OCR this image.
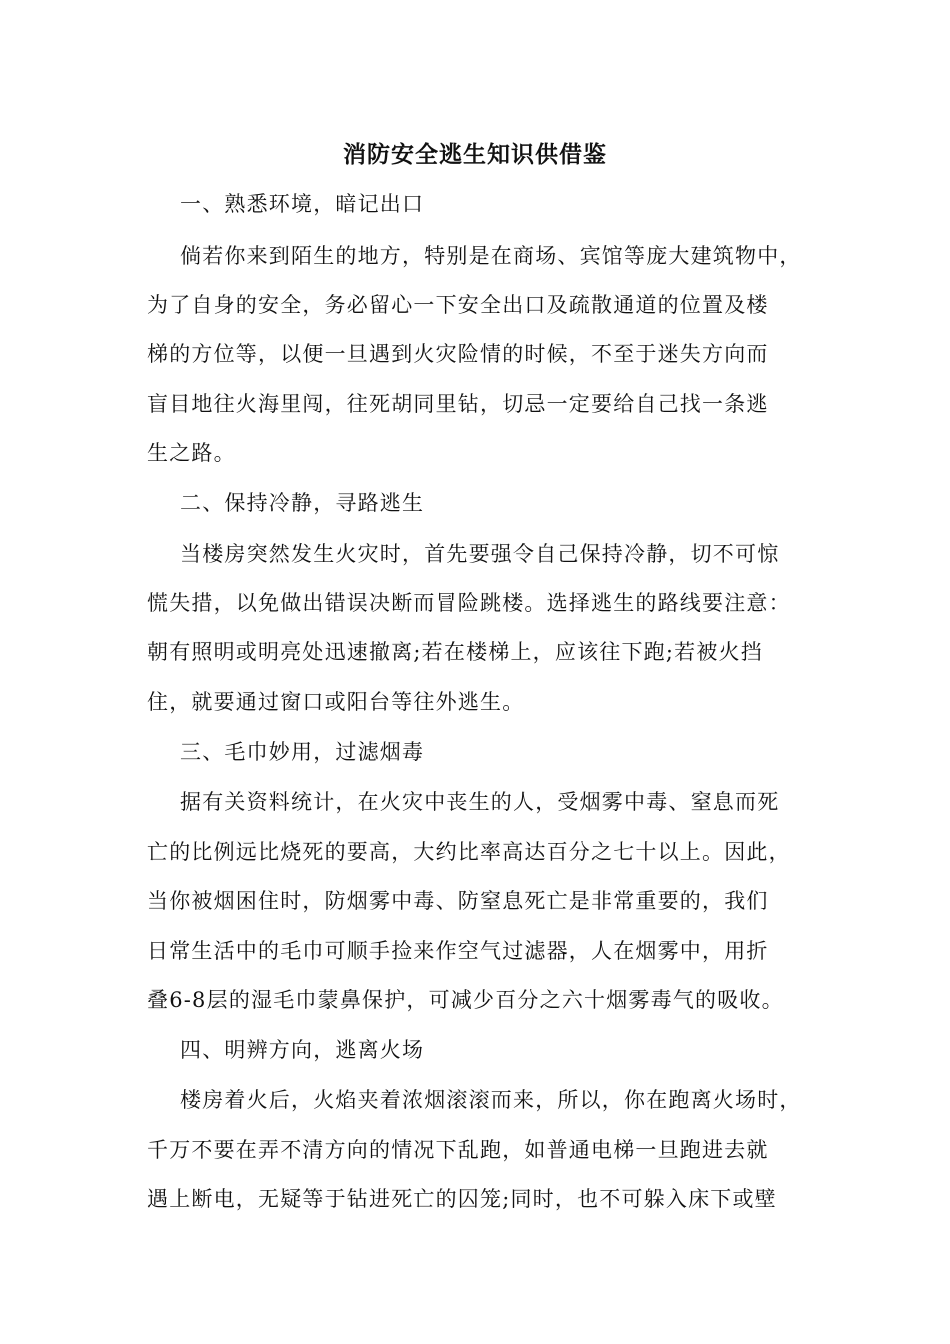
消防安全逃生知识供借鉴
一、熟悉环境，暗记出口
倘若你来到陌生的地方，特别是在商场、宾馆等庞大建筑物中，
为了自身的安全，务必留心一下安全出口及疏散通道的位置及楼
梯的方位等，以便一旦遇到火灾险情的时候，不至于迷失方向而
盲目地往火海里闯，往死胡同里钻，切忌一定要给自己找一条逃
生之路。
二、保持冷静，寻路逃生
当楼房突然发生火灾时，首先要强令自己保持冷静，切不可惊
慌失措，以免做出错误决断而冒险跳楼。选择逃生的路线要注意：
朝有照明或明亮处迅速撤离;若在楼梯上，应该往下跑;若被火挡
住，就要通过窗口或阳台等往外逃生。
三、毛巾妙用，过滤烟毒
据有关资料统计，在火灾中丧生的人，受烟雾中毒、窒息而死
亡的比例远比烧死的要高，大约比率高达百分之七十以上。因此，
当你被烟困住时，防烟雾中毒、防窒息死亡是非常重要的，我们
日常生活中的毛巾可顺手捡来作空气过滤器，人在烟雾中，用折
叠6-8层的湿毛巾蒙鼻保护，可减少百分之六十烟雾毒气的吸收。
四、明辨方向，逃离火场
楼房着火后，火焰夹着浓烟滚滚而来，所以，你在跑离火场时，
千万不要在弄不清方向的情况下乱跑，如普通电梯一旦跑进去就
遇上断电，无疑等于钻进死亡的囚笼;同时，也不可躲入床下或壁
